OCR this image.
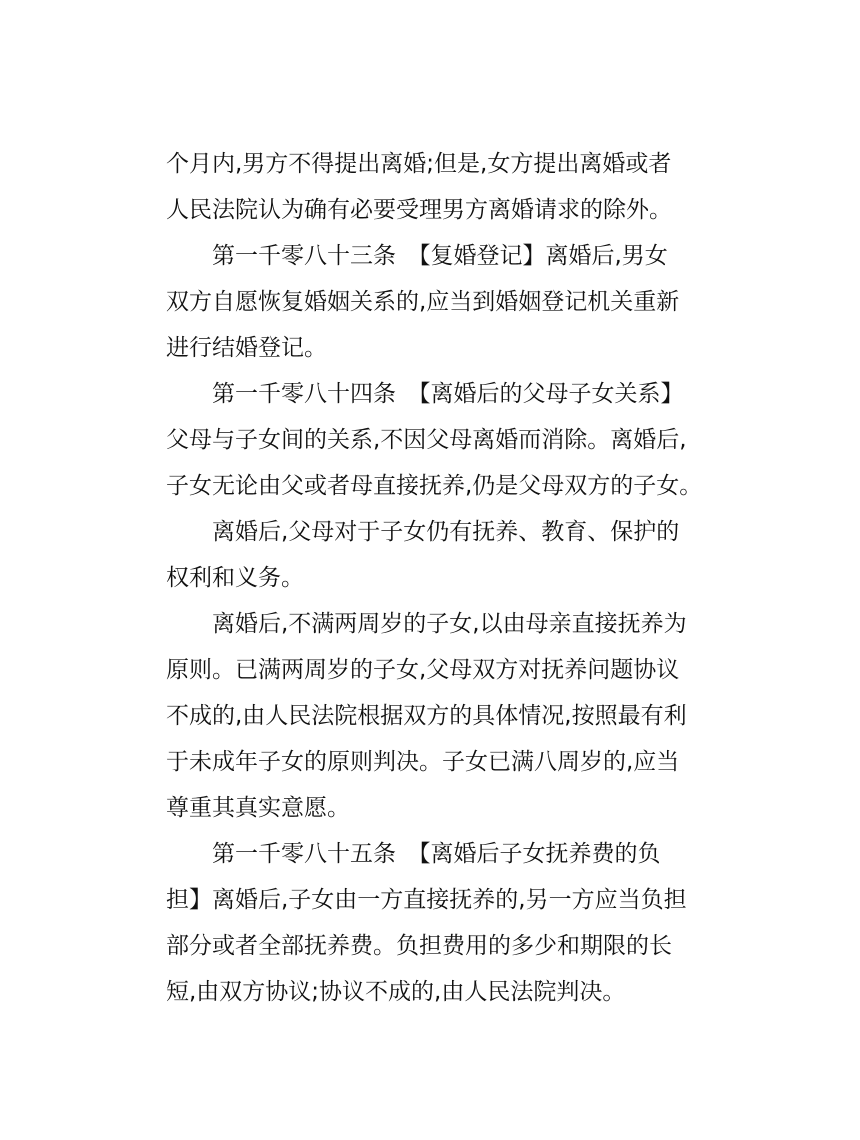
个月内,男方不得提出离婚;但是,女方提出离婚或者
人民法院认为确有必要受理男方离婚请求的除外。
第一千零八十三条　【复婚登记】离婚后,男女
双方自愿恢复婚姻关系的,应当到婚姻登记机关重新
进行结婚登记。
第一千零八十四条　【离婚后的父母子女关系】
父母与子女间的关系,不因父母离婚而消除。离婚后,
子女无论由父或者母直接抚养,仍是父母双方的子女。
离婚后,父母对于子女仍有抚养、教育、保护的
权利和义务。
离婚后,不满两周岁的子女,以由母亲直接抚养为
原则。已满两周岁的子女,父母双方对抚养问题协议
不成的,由人民法院根据双方的具体情况,按照最有利
于未成年子女的原则判决。子女已满八周岁的,应当
尊重其真实意愿。
第一千零八十五条　【离婚后子女抚养费的负
担】离婚后,子女由一方直接抚养的,另一方应当负担
部分或者全部抚养费。负担费用的多少和期限的长
短,由双方协议;协议不成的,由人民法院判决。
